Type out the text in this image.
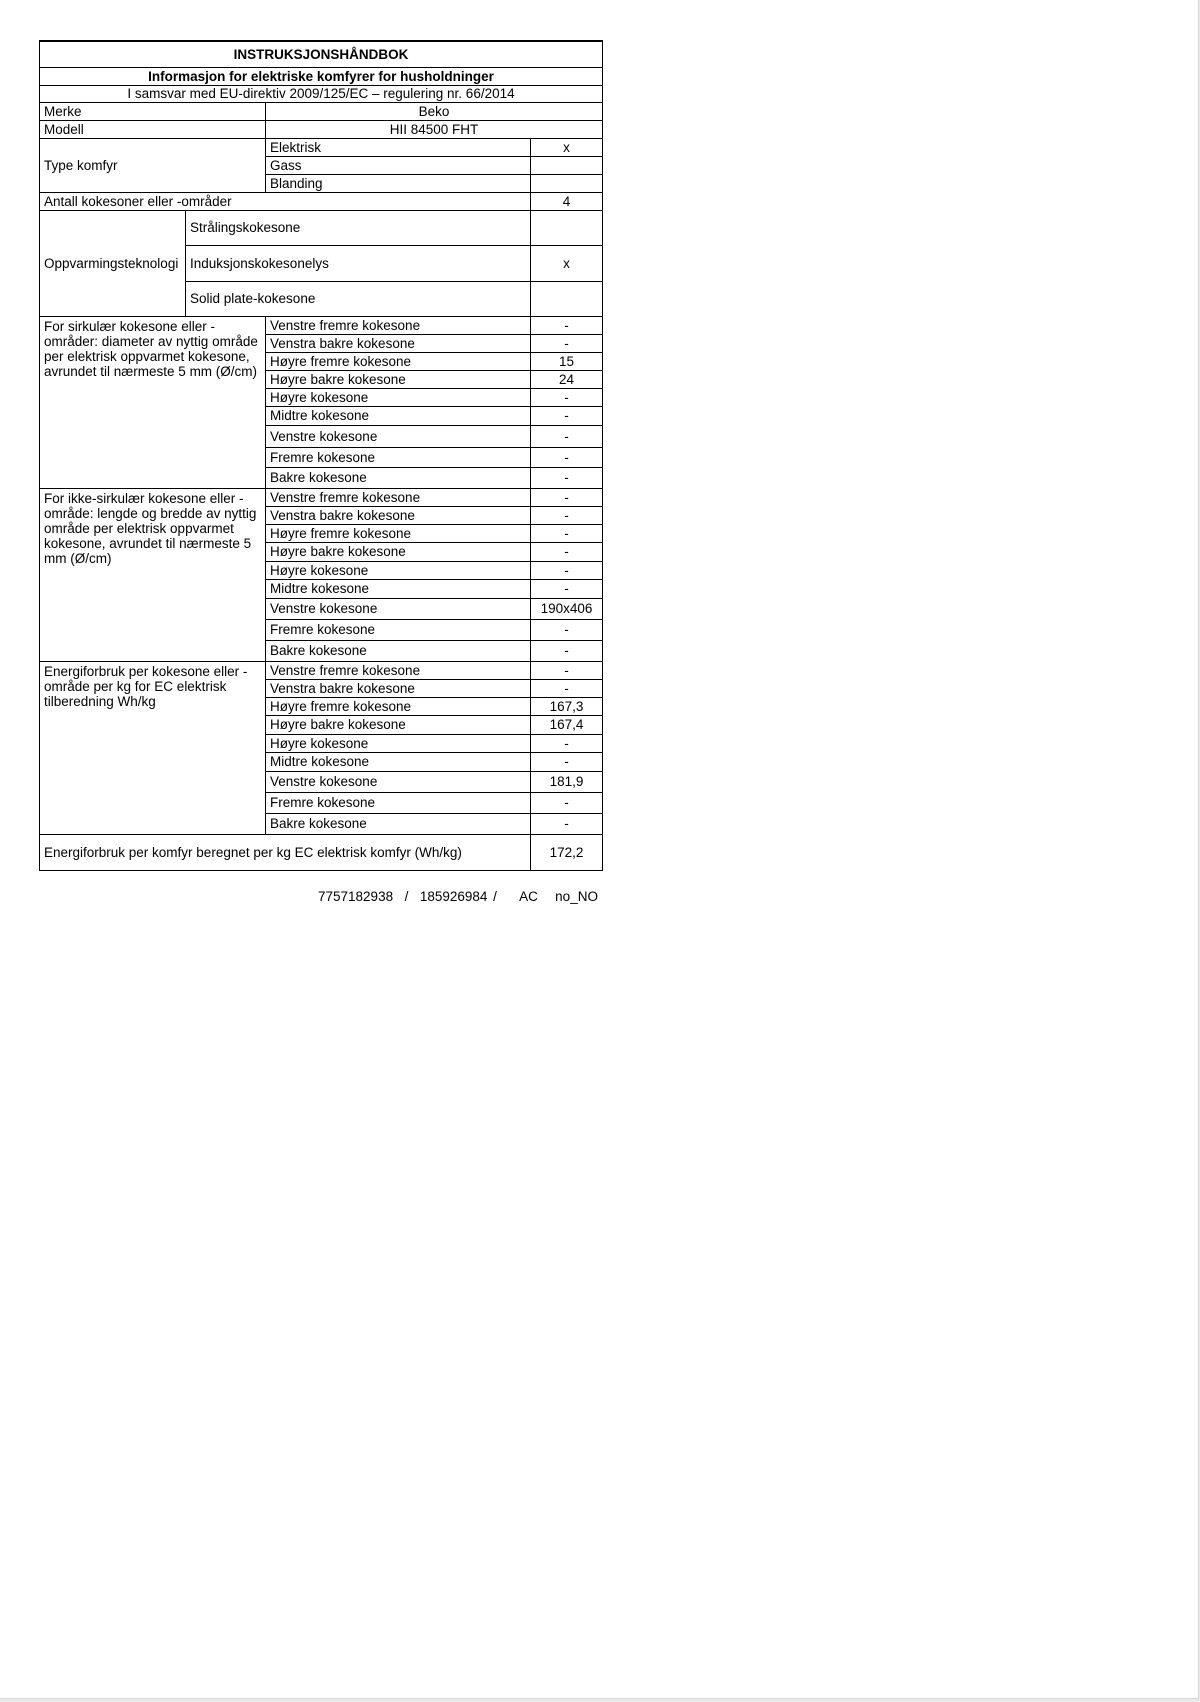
INSTRUKSJONSHÅNDBOK			
Informasjon for elektriske komfyrer for husholdninger			
I samsvar med EU-direktiv 2009/125/EC – regulering nr. 66/2014			
Merke		Beko	
Modell		HII 84500 FHT	
Type komfyr		Elektrisk	x
		Gass	
		Blanding	
Antall kokesoner eller -områder			4
Oppvarmingsteknologi	Strålingskokesone		
	Induksjonskokesonelys		x
	Solid plate-kokesone		
For sirkulær kokesone eller -områder: diameter av nyttig område per elektrisk oppvarmet kokesone, avrundet til nærmeste 5 mm (Ø/cm)		Venstre fremre kokesone	-
		Venstra bakre kokesone	-
		Høyre fremre kokesone	15
		Høyre bakre kokesone	24
		Høyre kokesone	-
		Midtre kokesone	-
		Venstre kokesone	-
		Fremre kokesone	-
		Bakre kokesone	-
For ikke-sirkulær kokesone eller -område: lengde og bredde av nyttig område per elektrisk oppvarmet kokesone, avrundet til nærmeste 5 mm (Ø/cm)		Venstre fremre kokesone	-
		Venstra bakre kokesone	-
		Høyre fremre kokesone	-
		Høyre bakre kokesone	-
		Høyre kokesone	-
		Midtre kokesone	-
		Venstre kokesone	190x406
		Fremre kokesone	-
		Bakre kokesone	-
Energiforbruk per kokesone eller -område per kg for EC elektrisk tilberedning Wh/kg		Venstre fremre kokesone	-
		Venstra bakre kokesone	-
		Høyre fremre kokesone	167,3
		Høyre bakre kokesone	167,4
		Høyre kokesone	-
		Midtre kokesone	-
		Venstre kokesone	181,9
		Fremre kokesone	-
		Bakre kokesone	-
Energiforbruk per komfyr beregnet per kg EC elektrisk komfyr (Wh/kg)			172,2
7757182938  /  185926984 /    AC   no_NO
